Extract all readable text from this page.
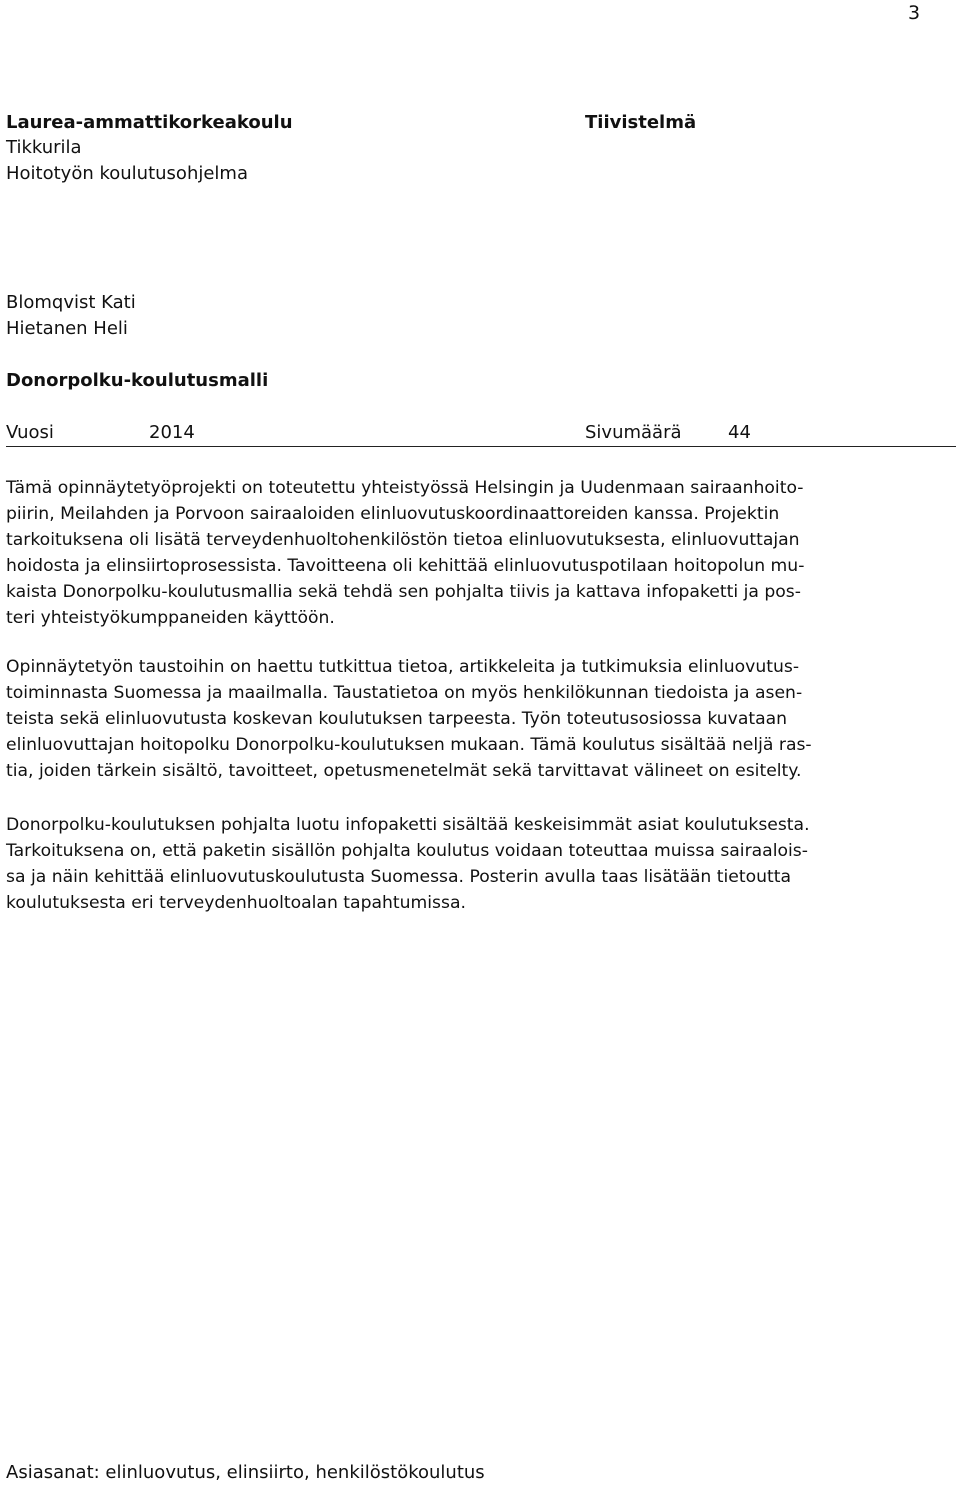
3
Laurea-ammattikorkeakoulu
Tikkurila
Hoitotyön koulutusohjelma
Tiivistelmä
Blomqvist Kati
Hietanen Heli
Donorpolku-koulutusmalli
Vuosi	2014	Sivumäärä	44
Tämä opinnäytetyöprojekti on toteutettu yhteistyössä Helsingin ja Uudenmaan sairaanhoito-
piirin, Meilahden ja Porvoon sairaaloiden elinluovutuskoordinaattoreiden kanssa. Projektin
tarkoituksena oli lisätä terveydenhuoltohenkilöstön tietoa elinluovutuksesta, elinluovuttajan
hoidosta ja elinsiirtoprosessista. Tavoitteena oli kehittää elinluovutuspotilaan hoitopolun mu-
kaista Donorpolku-koulutusmallia sekä tehdä sen pohjalta tiivis ja kattava infopaketti ja pos-
teri yhteistyökumppaneiden käyttöön.
Opinnäytetyön taustoihin on haettu tutkittua tietoa, artikkeleita ja tutkimuksia elinluovutus-
toiminnasta Suomessa ja maailmalla. Taustatietoa on myös henkilökunnan tiedoista ja asen-
teista sekä elinluovutusta koskevan koulutuksen tarpeesta. Työn toteutusosiossa kuvataan
elinluovuttajan hoitopolku Donorpolku-koulutuksen mukaan. Tämä koulutus sisältää neljä ras-
tia, joiden tärkein sisältö, tavoitteet, opetusmenetelmät sekä tarvittavat välineet on esitelty.
Donorpolku-koulutuksen pohjalta luotu infopaketti sisältää keskeisimmät asiat koulutuksesta.
Tarkoituksena on, että paketin sisällön pohjalta koulutus voidaan toteuttaa muissa sairaalois-
sa ja näin kehittää elinluovutuskoulutusta Suomessa. Posterin avulla taas lisätään tietoutta
koulutuksesta eri terveydenhuoltoalan tapahtumissa.
Asiasanat: elinluovutus, elinsiirto, henkilöstökoulutus
